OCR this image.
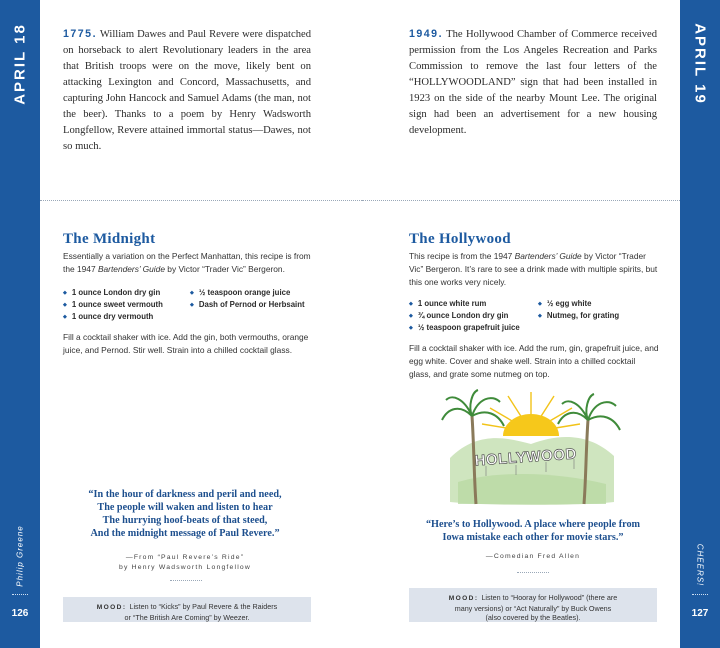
APRIL 18
Philip Greene
126
APRIL 19
CHEERS!
127

1775. William Dawes and Paul Revere were dispatched on horseback to alert Revolutionary leaders in the area that British troops were on the move, likely bent on attacking Lexington and Concord, Massachusetts, and capturing John Hancock and Samuel Adams (the man, not the beer). Thanks to a poem by Henry Wadsworth Longfellow, Revere attained immortal status—Dawes, not so much.

1949. The Hollywood Chamber of Commerce received permission from the Los Angeles Recreation and Parks Commission to remove the last four letters of the “HOLLYWOODLAND” sign that had been installed in 1923 on the side of the nearby Mount Lee. The original sign had been an advertisement for a new housing development.

The Midnight

Essentially a variation on the Perfect Manhattan, this recipe is from the 1947 Bartenders’ Guide by Victor “Trader Vic” Bergeron.

◆ 1 ounce London dry gin
◆ 1 ounce sweet vermouth
◆ 1 ounce dry vermouth
◆ ½ teaspoon orange juice
◆ Dash of Pernod or Herbsaint

Fill a cocktail shaker with ice. Add the gin, both vermouths, orange juice, and Pernod. Stir well. Strain into a chilled cocktail glass.

“In the hour of darkness and peril and need,
The people will waken and listen to hear
The hurrying hoof-beats of that steed,
And the midnight message of Paul Revere.”
—From “Paul Revere’s Ride”
by Henry Wadsworth Longfellow
MOOD: Listen to “Kicks” by Paul Revere & the Raiders
or “The British Are Coming” by Weezer.
The Hollywood

This recipe is from the 1947 Bartenders’ Guide by Victor “Trader Vic” Bergeron. It’s rare to see a drink made with multiple spirits, but this one works very nicely.

◆ 1 ounce white rum
◆ ¾ ounce London dry gin
◆ ½ teaspoon grapefruit juice
◆ ½ egg white
◆ Nutmeg, for grating

Fill a cocktail shaker with ice. Add the rum, gin, grapefruit juice, and egg white. Cover and shake well. Strain into a chilled cocktail glass, and grate some nutmeg on top.

HOLLYWOOD
“Here’s to Hollywood. A place where people from
Iowa mistake each other for movie stars.”
—Comedian Fred Allen
MOOD: Listen to “Hooray for Hollywood” (there are
many versions) or “Act Naturally” by Buck Owens
(also covered by the Beatles).
